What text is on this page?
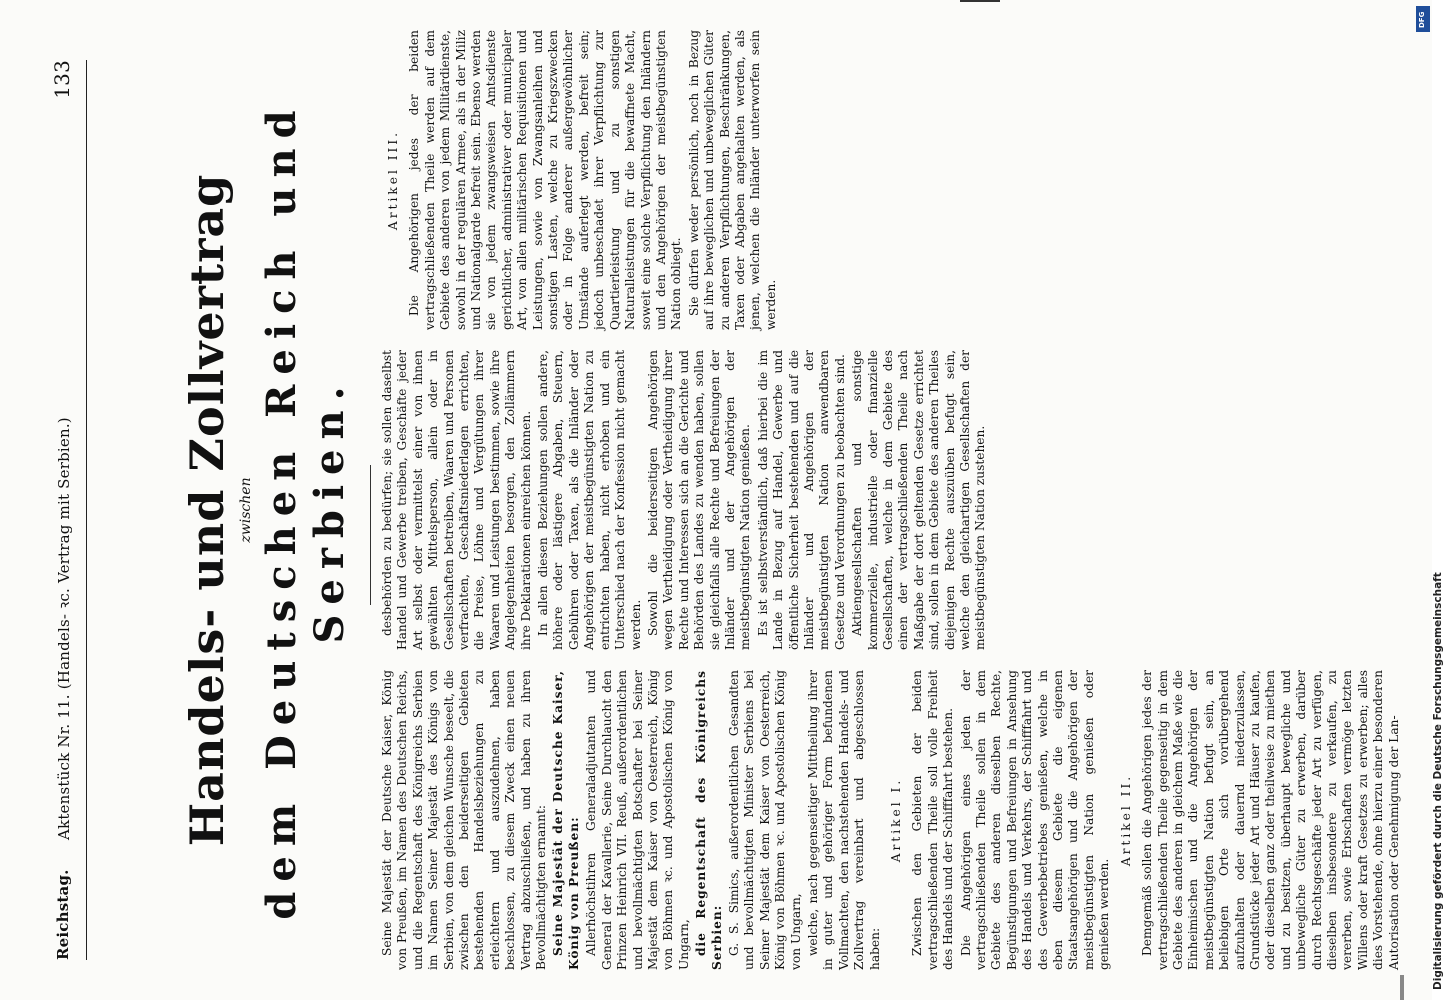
Reichstag.
Aktenstück Nr. 11. (Handels- ꝛc. Vertrag mit Serbien.)
133
Handels- und Zollvertrag zwischen dem Deutschen Reich und Serbien.

Seine Majestät der Deutsche Kaiser, König von Preußen, im Namen des Deutschen Reichs, und die Regentschaft des Königreichs Serbien im Namen Seiner Majestät des Königs von Serbien, von dem gleichen Wunsche beseelt, die zwischen den beiderseitigen Gebieten bestehenden Handelsbeziehungen zu erleichtern und auszudehnen, haben beschlossen, zu diesem Zweck einen neuen Vertrag abzuschließen, und haben zu ihren Bevollmächtigten ernannt: Seine Majestät der Deutsche Kaiser, König von Preußen: Allerhöchstihren Generaladjutanten und General der Kavallerie, Seine Durchlaucht den Prinzen Heinrich VII. Reuß, außerordentlichen und bevollmächtigten Botschafter bei Seiner Majestät dem Kaiser von Oesterreich, König von Böhmen ꝛc. und Apostolischen König von Ungarn, die Regentschaft des Königreichs Serbien: G. S. Simics, außerordentlichen Gesandten und bevollmächtigten Minister Serbiens bei Seiner Majestät dem Kaiser von Oesterreich, König von Böhmen ꝛc. und Apostolischen König von Ungarn, welche, nach gegenseitiger Mittheilung ihrer in guter und gehöriger Form befundenen Vollmachten, den nachstehenden Handels- und Zollvertrag vereinbart und abgeschlossen haben:

Artikel I. Zwischen den Gebieten der beiden vertragschließenden Theile soll volle Freiheit des Handels und der Schifffahrt bestehen. Die Angehörigen eines jeden der vertragschließenden Theile sollen in dem Gebiete des anderen dieselben Rechte, Begünstigungen und Befreiungen in Ansehung des Handels und Verkehrs, der Schifffahrt und des Gewerbebetriebes genießen, welche in eben diesem Gebiete die eigenen Staatsangehörigen und die Angehörigen der meistbegünstigten Nation genießen oder genießen werden.

Artikel II. Demgemäß sollen die Angehörigen jedes der vertragschließenden Theile gegenseitig in dem Gebiete des anderen in gleichem Maße wie die Einheimischen und die Angehörigen der meistbegünstigten Nation befugt sein, an beliebigen Orte sich vorübergehend aufzuhalten oder dauernd niederzulassen, Grundstücke jeder Art und Häuser zu kaufen, oder dieselben ganz oder theilweise zu miethen und zu besitzen, überhaupt bewegliche und unbewegliche Güter zu erwerben, darüber durch Rechtsgeschäfte jeder Art zu verfügen, dieselben insbesondere zu verkaufen, zu vererben, sowie Erbschaften vermöge letzten Willens oder kraft Gesetzes zu erwerben; alles dies Vorstehende, ohne hierzu einer besonderen Autorisation oder Genehmigung der Lan-

desbehörden zu bedürfen; sie sollen daselbst Handel und Gewerbe treiben, Geschäfte jeder Art selbst oder vermittelst einer von ihnen gewählten Mittelsperson, allein oder in Gesellschaften betreiben, Waaren und Personen verfrachten, Geschäftsniederlagen errichten, die Preise, Löhne und Vergütungen ihrer Waaren und Leistungen bestimmen, sowie ihre Angelegenheiten besorgen, den Zollämmern ihre Deklarationen einreichen können. In allen diesen Beziehungen sollen andere, höhere oder lästigere Abgaben, Steuern, Gebühren oder Taxen, als die Inländer oder Angehörigen der meistbegünstigten Nation zu entrichten haben, nicht erhoben und ein Unterschied nach der Konfession nicht gemacht werden. Sowohl die beiderseitigen Angehörigen wegen Vertheidigung oder Vertheidigung ihrer Rechte und Interessen sich an die Gerichte und Behörden des Landes zu wenden haben, sollen sie gleichfalls alle Rechte und Befreiungen der Inländer und der Angehörigen der meistbegünstigten Nation genießen. Es ist selbstverständlich, daß hierbei die im Lande in Bezug auf Handel, Gewerbe und öffentliche Sicherheit bestehenden und auf die Inländer und Angehörigen der meistbegünstigten Nation anwendbaren Gesetze und Verordnungen zu beobachten sind. Aktiengesellschaften und sonstige kommerzielle, industrielle oder finanzielle Gesellschaften, welche in dem Gebiete des einen der vertragschließenden Theile nach Maßgabe der dort geltenden Gesetze errichtet sind, sollen in dem Gebiete des anderen Theiles diejenigen Rechte auszuüben befugt sein, welche den gleichartigen Gesellschaften der meistbegünstigten Nation zustehen.

Artikel III. Die Angehörigen jedes der beiden vertragschließenden Theile werden auf dem Gebiete des anderen von jedem Militärdienste, sowohl in der regulären Armee, als in der Miliz und Nationalgarde befreit sein. Ebenso werden sie von jedem zwangsweisen Amtsdienste gerichtlicher, administrativer oder municipaler Art, von allen militärischen Requisitionen und Leistungen, sowie von Zwangsanleihen und sonstigen Lasten, welche zu Kriegszwecken oder in Folge anderer außergewöhnlicher Umstände auferlegt werden, befreit sein; jedoch unbeschadet ihrer Verpflichtung zur Quartierleistung und zu sonstigen Naturalleistungen für die bewaffnete Macht, soweit eine solche Verpflichtung den Inländern und den Angehörigen der meistbegünstigten Nation obliegt. Sie dürfen weder persönlich, noch in Bezug auf ihre beweglichen und unbeweglichen Güter zu anderen Verpflichtungen, Beschränkungen, Taxen oder Abgaben angehalten werden, als jenen, welchen die Inländer unterworfen sein werden.

Digitalisierung gefördert durch die Deutsche Forschungsgemeinschaft
DFG
